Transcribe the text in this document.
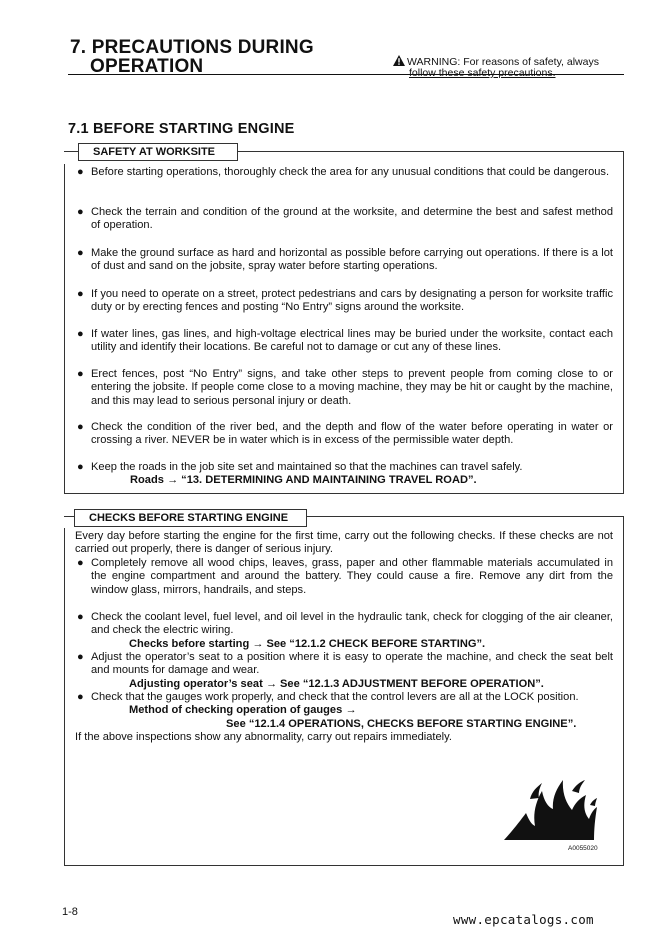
7. PRECAUTIONS DURING
OPERATION	WARNING: For reasons of safety, always
follow these safety precautions.
7.1 BEFORE STARTING ENGINE
SAFETY AT WORKSITE
● Before starting operations, thoroughly check the area for any unusual conditions that could be dangerous.
● Check the terrain and condition of the ground at the worksite, and determine the best and safest method of operation.
● Make the ground surface as hard and horizontal as possible before carrying out operations. If there is a lot of dust and sand on the jobsite, spray water before starting operations.
● If you need to operate on a street, protect pedestrians and cars by designating a person for worksite traffic duty or by erecting fences and posting “No Entry” signs around the worksite.
● If water lines, gas lines, and high-voltage electrical lines may be buried under the worksite, contact each utility and identify their locations. Be careful not to damage or cut any of these lines.
● Erect fences, post “No Entry” signs, and take other steps to prevent people from coming close to or entering the jobsite. If people come close to a moving machine, they may be hit or caught by the machine, and this may lead to serious personal injury or death.
● Check the condition of the river bed, and the depth and flow of the water before operating in water or crossing a river. NEVER be in water which is in excess of the permissible water depth.
● Keep the roads in the job site set and maintained so that the machines can travel safely.
Roads → “13. DETERMINING AND MAINTAINING TRAVEL ROAD”.
CHECKS BEFORE STARTING ENGINE
Every day before starting the engine for the first time, carry out the following checks. If these checks are not carried out properly, there is danger of serious injury.
● Completely remove all wood chips, leaves, grass, paper and other flammable materials accumulated in the engine compartment and around the battery. They could cause a fire. Remove any dirt from the window glass, mirrors, handrails, and steps.
● Check the coolant level, fuel level, and oil level in the hydraulic tank, check for clogging of the air cleaner, and check the electric wiring.
Checks before starting → See “12.1.2 CHECK BEFORE STARTING”.
● Adjust the operator’s seat to a position where it is easy to operate the machine, and check the seat belt and mounts for damage and wear.
Adjusting operator’s seat → See “12.1.3 ADJUSTMENT BEFORE OPERATION”.
● Check that the gauges work properly, and check that the control levers are all at the LOCK position.
Method of checking operation of gauges →
See “12.1.4 OPERATIONS, CHECKS BEFORE STARTING ENGINE”.
If the above inspections show any abnormality, carry out repairs immediately.
A0055020
1-8	www.epcatalogs.com
